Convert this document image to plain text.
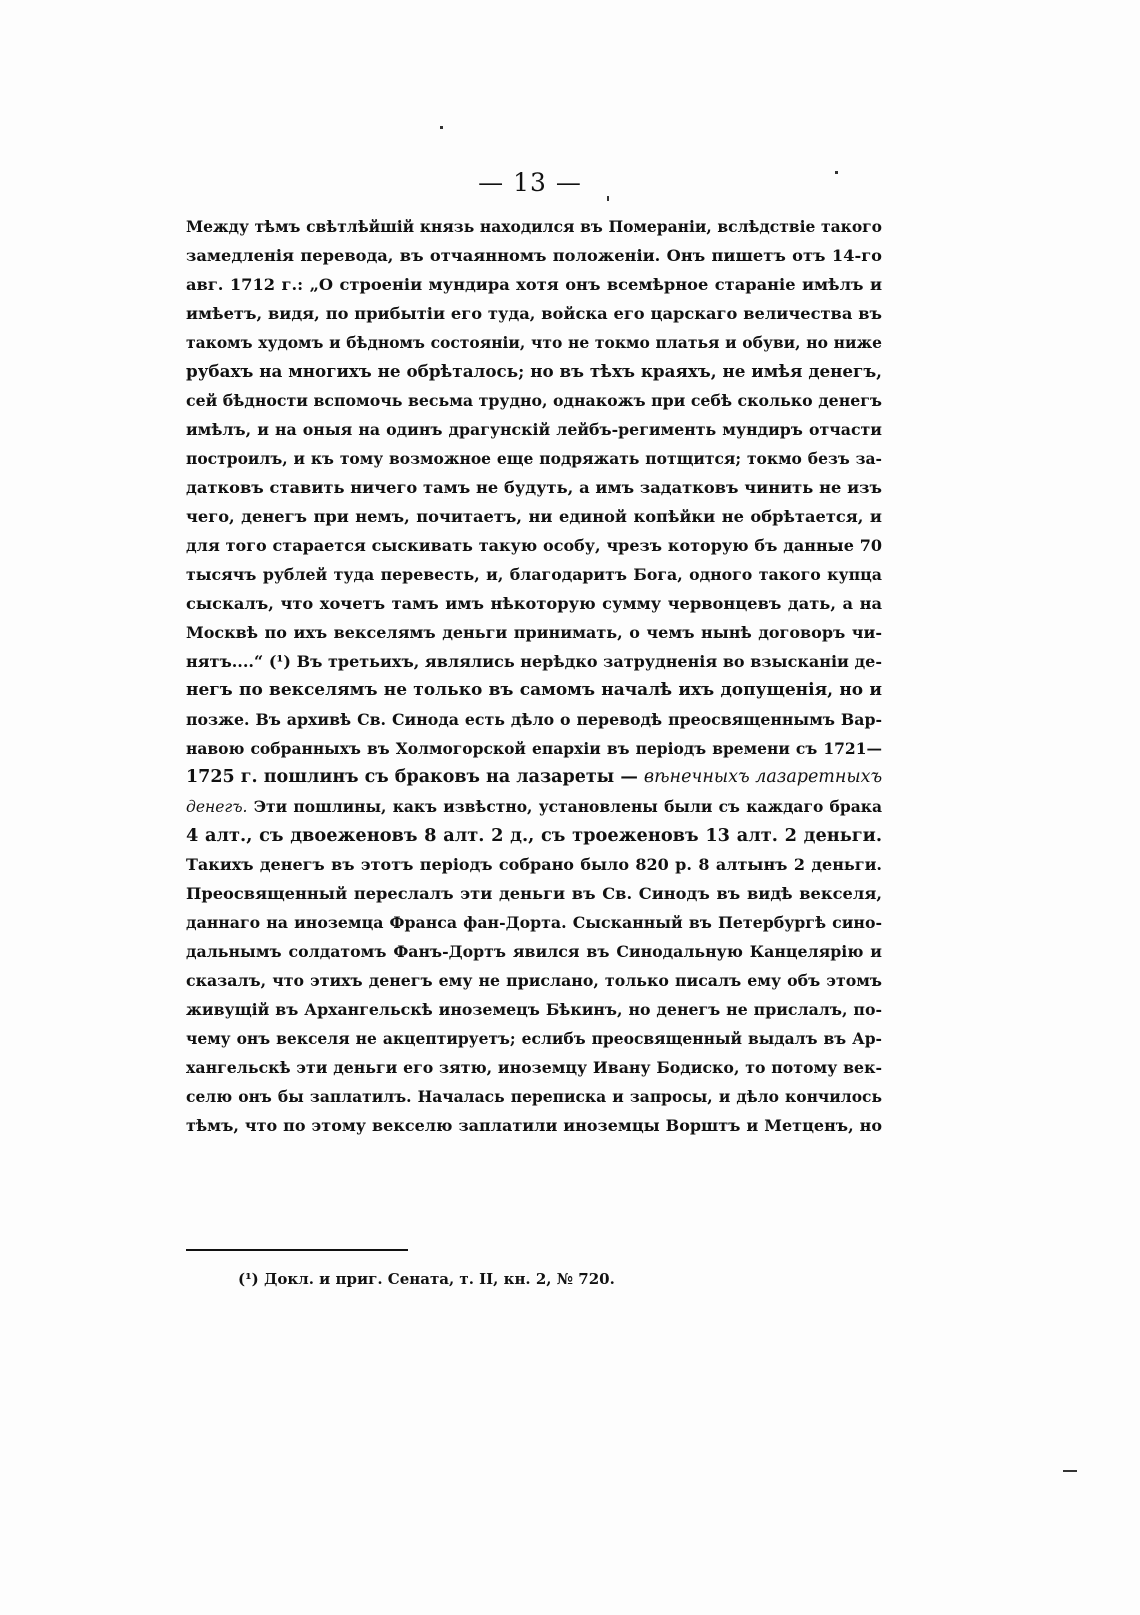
— 13 —
Между тѣмъ свѣтлѣйшій князь находился въ Помераніи, вслѣдствіе такого
замедленія перевода, въ отчаянномъ положеніи. Онъ пишетъ отъ 14-го
авг. 1712 г.: „О строеніи мундира хотя онъ всемѣрное стараніе имѣлъ и
имѣетъ, видя, по прибытіи его туда, войска его царскаго величества въ
такомъ худомъ и бѣдномъ состояніи, что не токмо платья и обуви, но ниже
рубахъ на многихъ не обрѣталось; но въ тѣхъ краяхъ, не имѣя денегъ,
сей бѣдности вспомочь весьма трудно, однакожъ при себѣ сколько денегъ
имѣлъ, и на оныя на одинъ драгунскій лейбъ-регименть мундиръ отчасти
построилъ, и къ тому возможное еще подряжать потщится; токмо безъ за-
датковъ ставить ничего тамъ не будуть, а имъ задатковъ чинить не изъ
чего, денегъ при немъ, почитаетъ, ни единой копѣйки не обрѣтается, и
для того старается сыскивать такую особу, чрезъ которую бъ данные 70
тысячъ рублей туда перевесть, и, благодаритъ Бога, одного такого купца
сыскалъ, что хочетъ тамъ имъ нѣкоторую сумму червонцевъ дать, а на
Москвѣ по ихъ векселямъ деньги принимать, о чемъ нынѣ договоръ чи-
нятъ....“ (¹) Въ третьихъ, являлись нерѣдко затрудненія во взысканіи де-
негъ по векселямъ не только въ самомъ началѣ ихъ допущенія, но и
позже. Въ архивѣ Св. Синода есть дѣло о переводѣ преосвященнымъ Вар-
навою собранныхъ въ Холмогорской епархіи въ періодъ времени съ 1721—
1725 г. пошлинъ съ браковъ на лазареты — вѣнечныхъ лазаретныхъ
денегъ. Эти пошлины, какъ извѣстно, установлены были съ каждаго брака
4 алт., съ двоеженовъ 8 алт. 2 д., съ троеженовъ 13 алт. 2 деньги.
Такихъ денегъ въ этотъ періодъ собрано было 820 р. 8 алтынъ 2 деньги.
Преосвященный переслалъ эти деньги въ Св. Синодъ въ видѣ векселя,
даннаго на иноземца Франса фан-Дорта. Сысканный въ Петербургѣ сино-
дальнымъ солдатомъ Фанъ-Дортъ явился въ Синодальную Канцелярію и
сказалъ, что этихъ денегъ ему не прислано, только писалъ ему объ этомъ
живущій въ Архангельскѣ иноземецъ Бѣкинъ, но денегъ не прислалъ, по-
чему онъ векселя не акцептируетъ; еслибъ преосвященный выдалъ въ Ар-
хангельскѣ эти деньги его зятю, иноземцу Ивану Бодиско, то потому век-
селю онъ бы заплатилъ. Началась переписка и запросы, и дѣло кончилось
тѣмъ, что по этому векселю заплатили иноземцы Ворштъ и Метценъ, но
(¹) Докл. и приг. Сената, т. II, кн. 2, № 720.
